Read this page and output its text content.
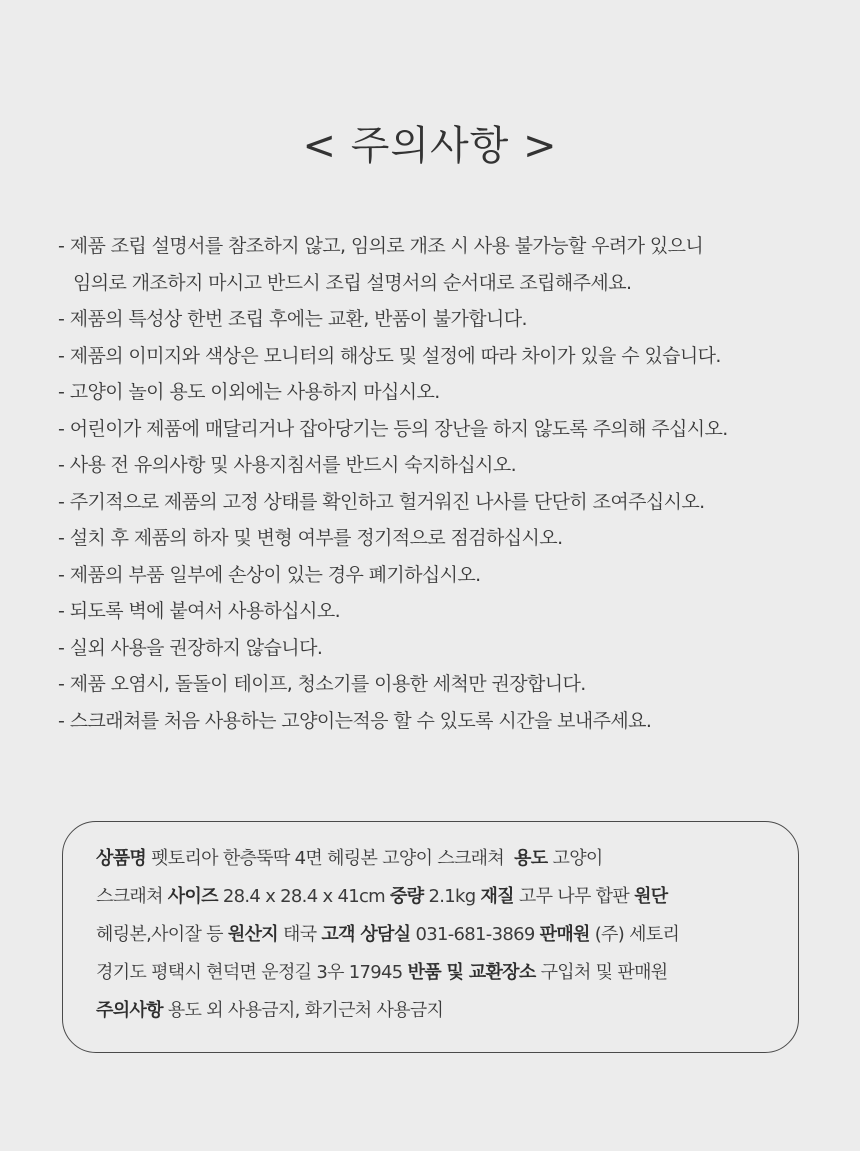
< 주의사항 >
- 제품 조립 설명서를 참조하지 않고, 임의로 개조 시 사용 불가능할 우려가 있으니
임의로 개조하지 마시고 반드시 조립 설명서의 순서대로 조립해주세요.
- 제품의 특성상 한번 조립 후에는 교환, 반품이 불가합니다.
- 제품의 이미지와 색상은 모니터의 해상도 및 설정에 따라 차이가 있을 수 있습니다.
- 고양이 놀이 용도 이외에는 사용하지 마십시오.
- 어린이가 제품에 매달리거나 잡아당기는 등의 장난을 하지 않도록 주의해 주십시오.
- 사용 전 유의사항 및 사용지침서를 반드시 숙지하십시오.
- 주기적으로 제품의 고정 상태를 확인하고 헐거워진 나사를 단단히 조여주십시오.
- 설치 후 제품의 하자 및 변형 여부를 정기적으로 점검하십시오.
- 제품의 부품 일부에 손상이 있는 경우 폐기하십시오.
- 되도록 벽에 붙여서 사용하십시오.
- 실외 사용을 권장하지 않습니다.
- 제품 오염시, 돌돌이 테이프, 청소기를 이용한 세척만 권장합니다.
- 스크래쳐를 처음 사용하는 고양이는적응 할 수 있도록 시간을 보내주세요.
상품명 펫토리아 한층뚝딱 4면 헤링본 고양이 스크래쳐 용도 고양이
스크래쳐 사이즈 28.4 x 28.4 x 41cm 중량 2.1kg 재질 고무 나무 합판 원단
헤링본,사이잘 등 원산지 태국 고객 상담실 031-681-3869 판매원 (주) 세토리
경기도 평택시 현덕면 운정길 3우 17945 반품 및 교환장소 구입처 및 판매원
주의사항 용도 외 사용금지, 화기근처 사용금지
